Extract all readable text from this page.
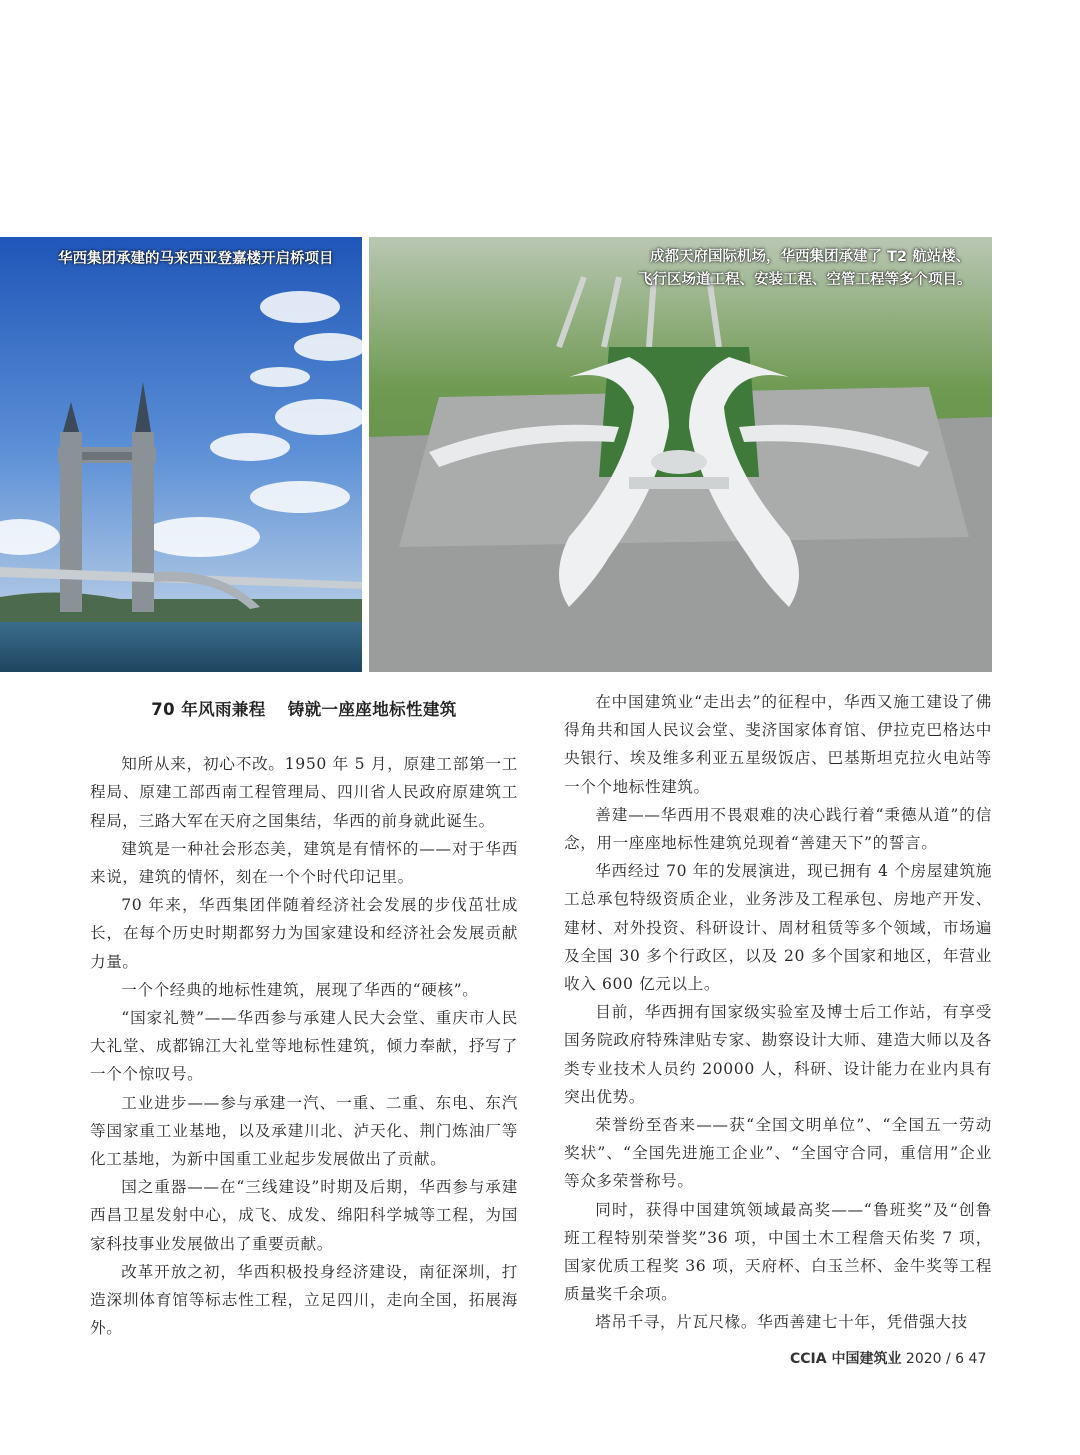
华西集团承建的马来西亚登嘉楼开启桥项目	成都天府国际机场，华西集团承建了 T2 航站楼、
飞行区场道工程、安装工程、空管工程等多个项目。
70 年风雨兼程 铸就一座座地标性建筑

知所从来，初心不改。1950 年 5 月，原建工部第一工程局、原建工部西南工程管理局、四川省人民政府原建筑工程局，三路大军在天府之国集结，华西的前身就此诞生。

建筑是一种社会形态美，建筑是有情怀的——对于华西来说，建筑的情怀，刻在一个个时代印记里。

70 年来，华西集团伴随着经济社会发展的步伐茁壮成长，在每个历史时期都努力为国家建设和经济社会发展贡献力量。

一个个经典的地标性建筑，展现了华西的“硬核”。

“国家礼赞”——华西参与承建人民大会堂、重庆市人民大礼堂、成都锦江大礼堂等地标性建筑，倾力奉献，抒写了一个个惊叹号。

工业进步——参与承建一汽、一重、二重、东电、东汽等国家重工业基地，以及承建川北、泸天化、荆门炼油厂等化工基地，为新中国重工业起步发展做出了贡献。

国之重器——在“三线建设”时期及后期，华西参与承建西昌卫星发射中心，成飞、成发、绵阳科学城等工程，为国家科技事业发展做出了重要贡献。

改革开放之初，华西积极投身经济建设，南征深圳，打造深圳体育馆等标志性工程，立足四川，走向全国，拓展海外。

在中国建筑业“走出去”的征程中，华西又施工建设了佛得角共和国人民议会堂、斐济国家体育馆、伊拉克巴格达中央银行、埃及维多利亚五星级饭店、巴基斯坦克拉火电站等一个个地标性建筑。

善建——华西用不畏艰难的决心践行着“秉德从道”的信念，用一座座地标性建筑兑现着“善建天下”的誓言。

华西经过 70 年的发展演进，现已拥有 4 个房屋建筑施工总承包特级资质企业，业务涉及工程承包、房地产开发、建材、对外投资、科研设计、周材租赁等多个领域，市场遍及全国 30 多个行政区，以及 20 多个国家和地区，年营业收入 600 亿元以上。

目前，华西拥有国家级实验室及博士后工作站，有享受国务院政府特殊津贴专家、勘察设计大师、建造大师以及各类专业技术人员约 20000 人，科研、设计能力在业内具有突出优势。

荣誉纷至沓来——获“全国文明单位”、“全国五一劳动奖状”、“全国先进施工企业”、“全国守合同，重信用”企业等众多荣誉称号。

同时，获得中国建筑领域最高奖——“鲁班奖”及“创鲁班工程特别荣誉奖”36 项，中国土木工程詹天佑奖 7 项，国家优质工程奖 36 项，天府杯、白玉兰杯、金牛奖等工程质量奖千余项。

塔吊千寻，片瓦尺椽。华西善建七十年，凭借强大技

CCIA 中国建筑业 2020 / 6 47
